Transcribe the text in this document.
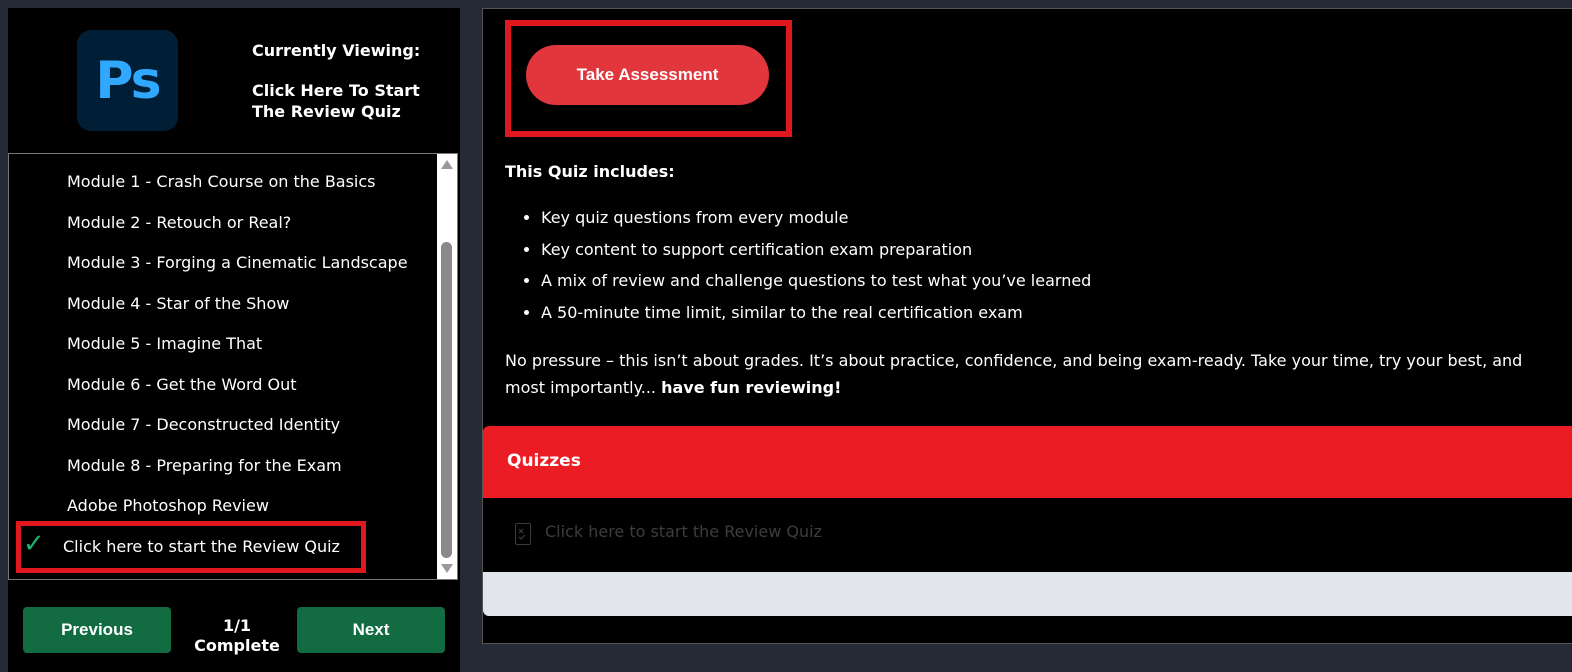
Ps	Currently Viewing:
Click Here To Start The Review Quiz
Module 1 - Crash Course on the Basics
Module 2 - Retouch or Real?
Module 3 - Forging a Cinematic Landscape
Module 4 - Star of the Show
Module 5 - Imagine That
Module 6 - Get the Word Out
Module 7 - Deconstructed Identity
Module 8 - Preparing for the Exam
Adobe Photoshop Review
✓ Click here to start the Review Quiz
Previous	1/1
Complete
Next
Take Assessment
This Quiz includes:
• Key quiz questions from every module
• Key content to support certification exam preparation
• A mix of review and challenge questions to test what you’ve learned
• A 50-minute time limit, similar to the real certification exam
No pressure – this isn’t about grades. It’s about practice, confidence, and being exam-ready. Take your time, try your best, and most importantly... have fun reviewing!
Quizzes
Click here to start the Review Quiz
